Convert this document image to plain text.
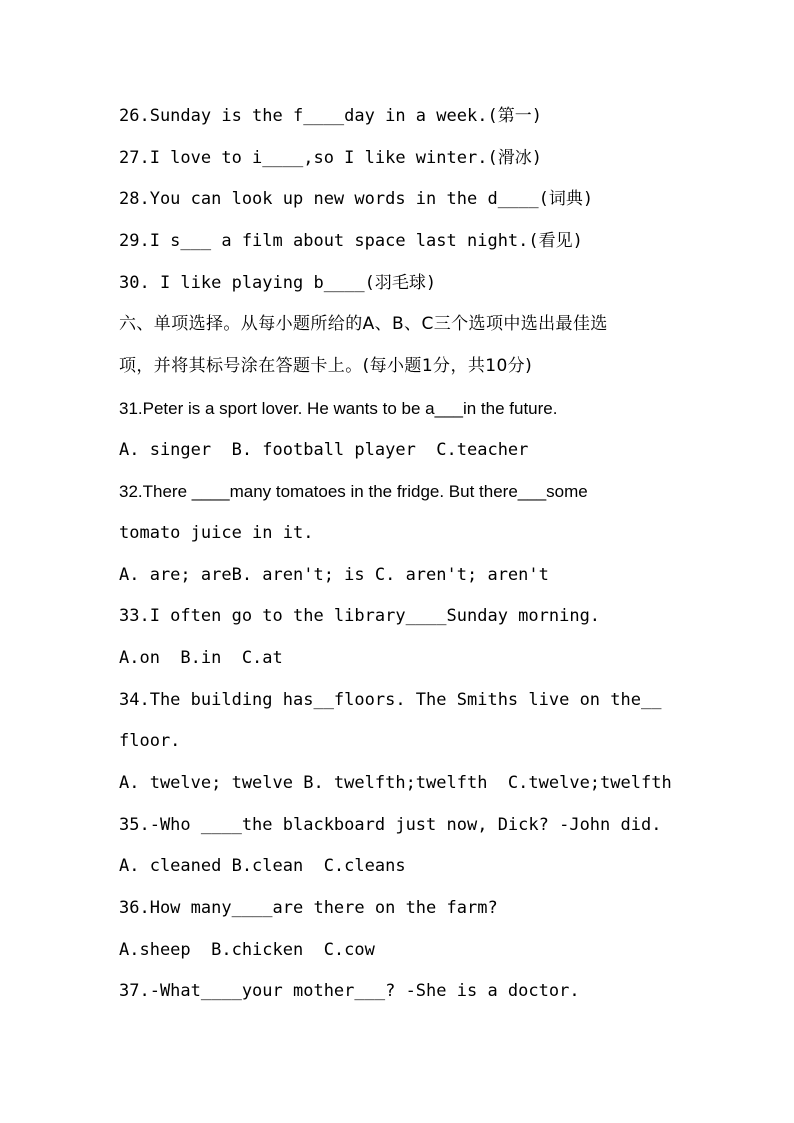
26.Sunday is the f____day in a week.(第一)
27.I love to i____,so I like winter.(滑冰)
28.You can look up new words in the d____(词典)
29.I s___ a film about space last night.(看见)
30. I like playing b____(羽毛球)
六、单项选择。从每小题所给的A、B、C三个选项中选出最佳选
项，并将其标号涂在答题卡上。(每小题1分，共10分)
31.Peter is a sport lover. He wants to be a___in the future.
A. singer  B. football player  C.teacher
32.There ____many tomatoes in the fridge. But there___some
tomato juice in it.
A. are; areB. aren't; is C. aren't; aren't
33.I often go to the library____Sunday morning.
A.on  B.in  C.at
34.The building has__floors. The Smiths live on the__
floor.
A. twelve; twelve B. twelfth;twelfth  C.twelve;twelfth
35.-Who ____the blackboard just now, Dick? -John did.
A. cleaned B.clean  C.cleans
36.How many____are there on the farm?
A.sheep  B.chicken  C.cow
37.-What____your mother___? -She is a doctor.
